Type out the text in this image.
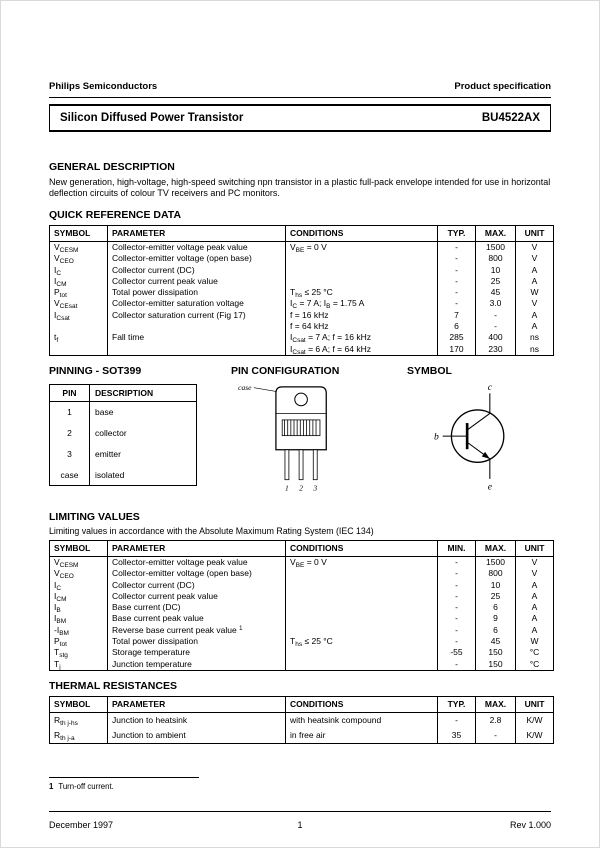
Philips Semiconductors	Product specification
Silicon Diffused Power Transistor	BU4522AX
GENERAL DESCRIPTION
New generation, high-voltage, high-speed switching npn transistor in a plastic full-pack envelope intended for use in horizontal deflection circuits of colour TV receivers and PC monitors.
QUICK REFERENCE DATA
SYMBOL	PARAMETER	CONDITIONS	TYP.	MAX.	UNIT
$V_{CESM}$	Collector-emitter voltage peak value	$V_{BE} = 0$ V	-	1500	V
$V_{CEO}$	Collector-emitter voltage (open base)		-	800	V
$I_C$	Collector current (DC)		-	10	A
$I_{CM}$	Collector current peak value		-	25	A
$P_{tot}$	Total power dissipation	$T_{hs} \le 25$ °C	-	45	W
$V_{CEsat}$	Collector-emitter saturation voltage	$I_C = 7$ A; $I_B = 1.75$ A	-	3.0	V
$I_{Csat}$	Collector saturation current (Fig 17)	f = 16 kHz	7	-	A
		f = 64 kHz	6	-	A
$t_f$	Fall time	$I_{Csat} = 7$ A; f = 16 kHz	285	400	ns
		$I_{Csat} = 6$ A; f = 64 kHz	170	230	ns
PINNING - SOT399
PIN	DESCRIPTION
1	base
2	collector
3	emitter
case	isolated
PIN CONFIGURATION
case
1 2 3
SYMBOL
b
c
e
LIMITING VALUES
Limiting values in accordance with the Absolute Maximum Rating System (IEC 134)
SYMBOL	PARAMETER	CONDITIONS	MIN.	MAX.	UNIT
$V_{CESM}$	Collector-emitter voltage peak value	$V_{BE} = 0$ V	-	1500	V
$V_{CEO}$	Collector-emitter voltage (open base)		-	800	V
$I_C$	Collector current (DC)		-	10	A
$I_{CM}$	Collector current peak value		-	25	A
$I_B$	Base current (DC)		-	6	A
$I_{BM}$	Base current peak value		-	9	A
$-I_{BM}$	Reverse base current peak value $^1$		-	6	A
$P_{tot}$	Total power dissipation	$T_{hs} \le 25$ °C	-	45	W
$T_{stg}$	Storage temperature		-55	150	°C
$T_j$	Junction temperature		-	150	°C
THERMAL RESISTANCES
SYMBOL	PARAMETER	CONDITIONS	TYP.	MAX.	UNIT
$R_{th j-hs}$	Junction to heatsink	with heatsink compound	-	2.8	K/W
$R_{th j-a}$	Junction to ambient	in free air	35	-	K/W
1 Turn-off current.
December 1997	1	Rev 1.000
